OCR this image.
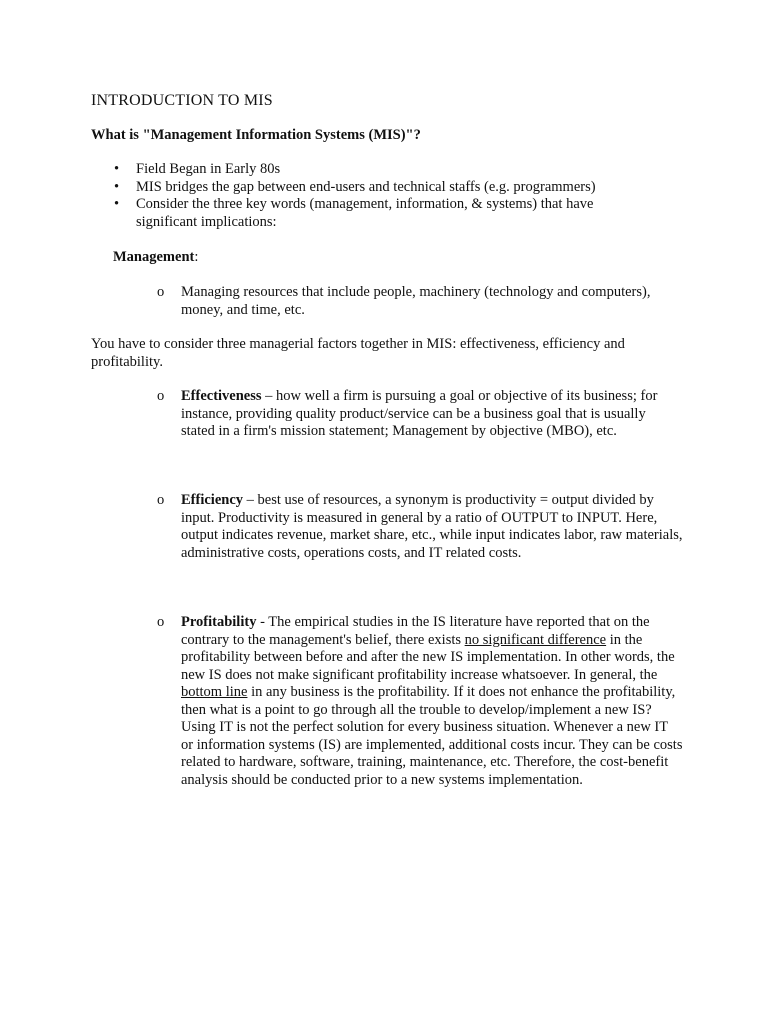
INTRODUCTION TO MIS
What is "Management Information Systems (MIS)"?
• Field Began in Early 80s
• MIS bridges the gap between end-users and technical staffs (e.g. programmers)
• Consider the three key words (management, information, & systems) that have significant implications:
Management:
o Managing resources that include people, machinery (technology and computers), money, and time, etc.
You have to consider three managerial factors together in MIS: effectiveness, efficiency and profitability.
o Effectiveness – how well a firm is pursuing a goal or objective of its business; for instance, providing quality product/service can be a business goal that is usually stated in a firm's mission statement; Management by objective (MBO), etc.
o Efficiency – best use of resources, a synonym is productivity = output divided by input. Productivity is measured in general by a ratio of OUTPUT to INPUT. Here, output indicates revenue, market share, etc., while input indicates labor, raw materials, administrative costs, operations costs, and IT related costs.
o Profitability - The empirical studies in the IS literature have reported that on the contrary to the management's belief, there exists no significant difference in the profitability between before and after the new IS implementation. In other words, the new IS does not make significant profitability increase whatsoever. In general, the bottom line in any business is the profitability. If it does not enhance the profitability, then what is a point to go through all the trouble to develop/implement a new IS? Using IT is not the perfect solution for every business situation. Whenever a new IT or information systems (IS) are implemented, additional costs incur. They can be costs related to hardware, software, training, maintenance, etc. Therefore, the cost-benefit analysis should be conducted prior to a new systems implementation.
